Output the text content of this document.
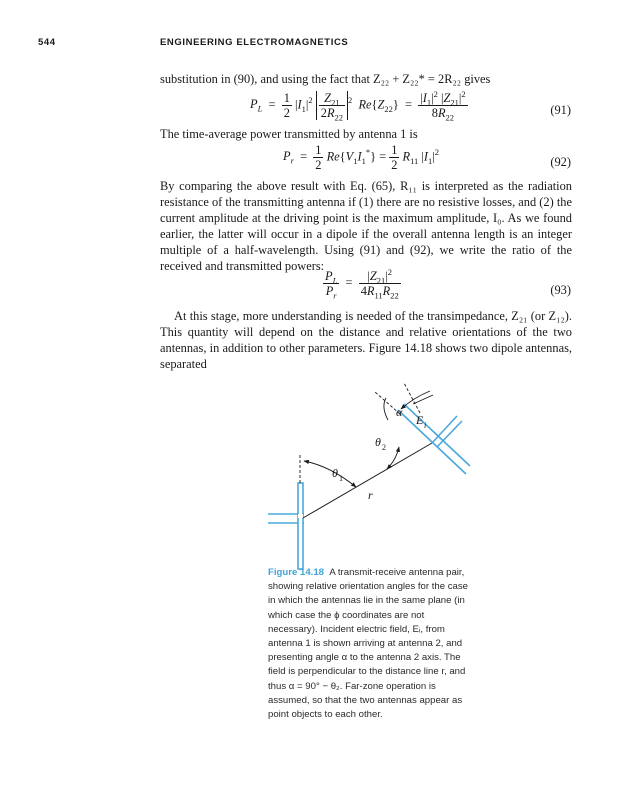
544	ENGINEERING ELECTROMAGNETICS
substitution in (90), and using the fact that Z₂₂ + Z₂₂* = 2R₂₂ gives
$P_L = \frac{1}{2} |I_1|^2 \frac{Z_{21}}{2R_{22}} ^2$ $Re\{Z_{22}\} = \frac{|I_1|^2 |Z_{21}|^2}{8R_{22}}$	(91)
The time-average power transmitted by antenna 1 is
$P_r = \frac{1}{2} Re\{V_1I_1^*\} = \frac{1}{2} R_{11}$ $|I_1|^2$
(92)

By comparing the above result with Eq. (65), R₁₁ is interpreted as the radiation resistance of the transmitting antenna if (1) there are no resistive losses, and (2) the current amplitude at the driving point is the maximum amplitude, I₀. As we found earlier, the latter will occur in a dipole if the overall antenna length is an integer multiple of a half-wavelength. Using (91) and (92), we write the ratio of the received and transmitted powers:

$\frac{P_L}{P_r} = \frac{|Z_{21}|^2}{4R_{11}R_{22}}$	(93)

At this stage, more understanding is needed of the transimpedance, Z₂₁ (or Z₁₂). This quantity will depend on the distance and relative orientations of the two antennas, in addition to other parameters. Figure 14.18 shows two dipole antennas, separated

α
E i
θ 2
θ 1
r
Figure 14.18 A transmit-receive antenna pair, showing relative orientation angles for the case in which the antennas lie in the same plane (in which case the ϕ coordinates are not necessary). Incident electric field, Eᵢ, from antenna 1 is shown arriving at antenna 2, and presenting angle α to the antenna 2 axis. The field is perpendicular to the distance line r, and thus α = 90° − θ₂. Far-zone operation is assumed, so that the two antennas appear as point objects to each other.
